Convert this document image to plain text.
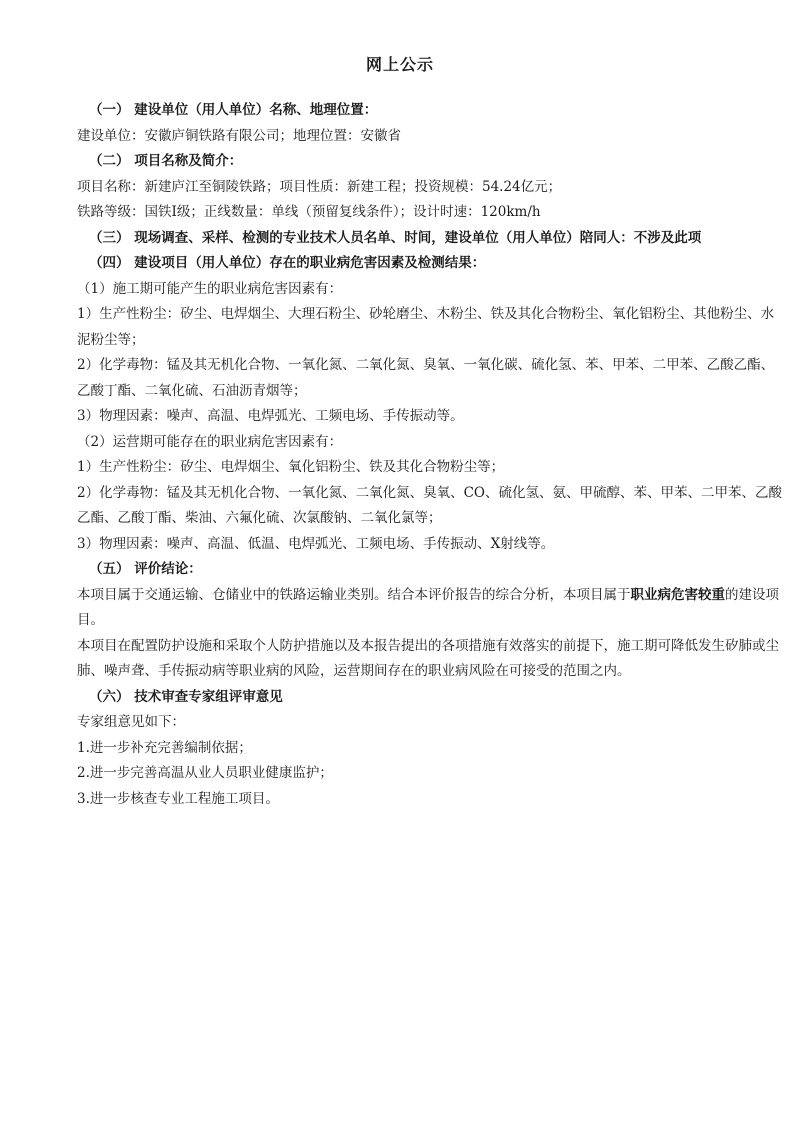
网上公示
（一） 建设单位（用人单位）名称、地理位置：
建设单位：安徽庐铜铁路有限公司；地理位置：安徽省
（二） 项目名称及简介：
项目名称：新建庐江至铜陵铁路；项目性质：新建工程；投资规模：54.24亿元；
铁路等级：国铁Ⅰ级；正线数量：单线（预留复线条件）；设计时速：120km/h
（三） 现场调查、采样、检测的专业技术人员名单、时间，建设单位（用人单位）陪同人：不涉及此项
（四） 建设项目（用人单位）存在的职业病危害因素及检测结果：
（1）施工期可能产生的职业病危害因素有：
1）生产性粉尘：矽尘、电焊烟尘、大理石粉尘、砂轮磨尘、木粉尘、铁及其化合物粉尘、氧化铝粉尘、其他粉尘、水泥粉尘等；
2）化学毒物：锰及其无机化合物、一氧化氮、二氧化氮、臭氧、一氧化碳、硫化氢、苯、甲苯、二甲苯、乙酸乙酯、乙酸丁酯、二氧化硫、石油沥青烟等；
3）物理因素：噪声、高温、电焊弧光、工频电场、手传振动等。
（2）运营期可能存在的职业病危害因素有：
1）生产性粉尘：矽尘、电焊烟尘、氧化铝粉尘、铁及其化合物粉尘等；
2）化学毒物：锰及其无机化合物、一氧化氮、二氧化氮、臭氧、CO、硫化氢、氨、甲硫醇、苯、甲苯、二甲苯、乙酸乙酯、乙酸丁酯、柴油、六氟化硫、次氯酸钠、二氧化氯等；
3）物理因素：噪声、高温、低温、电焊弧光、工频电场、手传振动、X射线等。
（五） 评价结论：
本项目属于交通运输、仓储业中的铁路运输业类别。结合本评价报告的综合分析，本项目属于职业病危害较重的建设项目。
本项目在配置防护设施和采取个人防护措施以及本报告提出的各项措施有效落实的前提下，施工期可降低发生矽肺或尘肺、噪声聋、手传振动病等职业病的风险，运营期间存在的职业病风险在可接受的范围之内。
（六） 技术审查专家组评审意见
专家组意见如下：
1.进一步补充完善编制依据；
2.进一步完善高温从业人员职业健康监护；
3.进一步核查专业工程施工项目。
